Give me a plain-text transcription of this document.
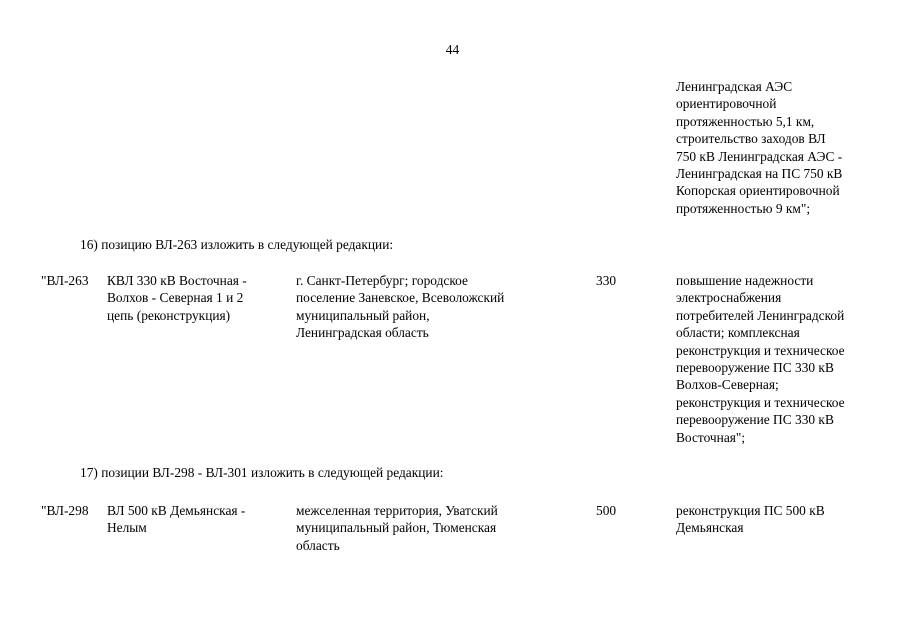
44
Ленинградская АЭС
ориентировочной
протяженностью 5,1 км,
строительство заходов ВЛ
750 кВ Ленинградская АЭС -
Ленинградская на ПС 750 кВ
Копорская ориентировочной
протяженностью 9 км";
16) позицию ВЛ-263 изложить в следующей редакции:
"ВЛ-263 КВЛ 330 кВ Восточная -
Волхов - Северная 1 и 2
цепь (реконструкция)
г. Санкт-Петербург; городское
поселение Заневское, Всеволожский
муниципальный район,
Ленинградская область
330	повышение надежности
электроснабжения
потребителей Ленинградской
области; комплексная
реконструкция и техническое
перевооружение ПС 330 кВ
Волхов-Северная;
реконструкция и техническое
перевооружение ПС 330 кВ
Восточная";
17) позиции ВЛ-298 - ВЛ-301 изложить в следующей редакции:
"ВЛ-298 ВЛ 500 кВ Демьянская -
Нелым
межселенная территория, Уватский
муниципальный район, Тюменская
область
500	реконструкция ПС 500 кВ
Демьянская
